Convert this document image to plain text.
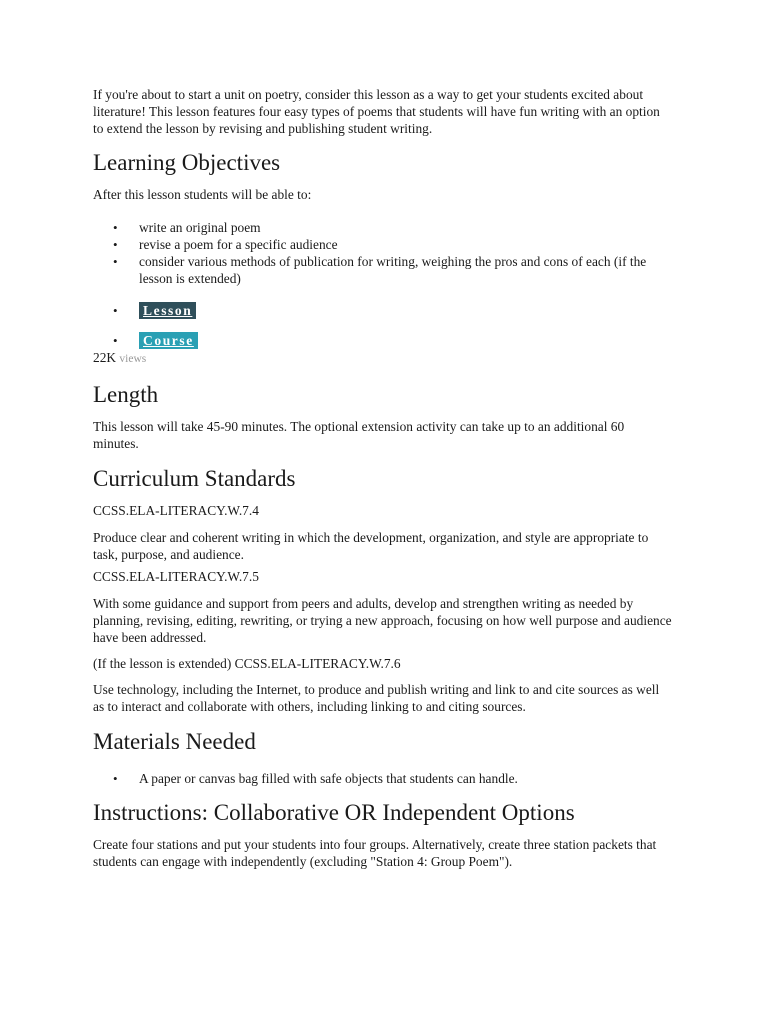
If you're about to start a unit on poetry, consider this lesson as a way to get your students excited about literature! This lesson features four easy types of poems that students will have fun writing with an option to extend the lesson by revising and publishing student writing.

Learning Objectives

After this lesson students will be able to:

• write an original poem
• revise a poem for a specific audience
• consider various methods of publication for writing, weighing the pros and cons of each (if the lesson is extended)
• Lesson
• Course
22K views
Length

This lesson will take 45-90 minutes. The optional extension activity can take up to an additional 60 minutes.

Curriculum Standards

CCSS.ELA-LITERACY.W.7.4

Produce clear and coherent writing in which the development, organization, and style are appropriate to task, purpose, and audience.

CCSS.ELA-LITERACY.W.7.5

With some guidance and support from peers and adults, develop and strengthen writing as needed by planning, revising, editing, rewriting, or trying a new approach, focusing on how well purpose and audience have been addressed.

(If the lesson is extended) CCSS.ELA-LITERACY.W.7.6

Use technology, including the Internet, to produce and publish writing and link to and cite sources as well as to interact and collaborate with others, including linking to and citing sources.

Materials Needed
• A paper or canvas bag filled with safe objects that students can handle.
Instructions: Collaborative OR Independent Options

Create four stations and put your students into four groups. Alternatively, create three station packets that students can engage with independently (excluding "Station 4: Group Poem").
